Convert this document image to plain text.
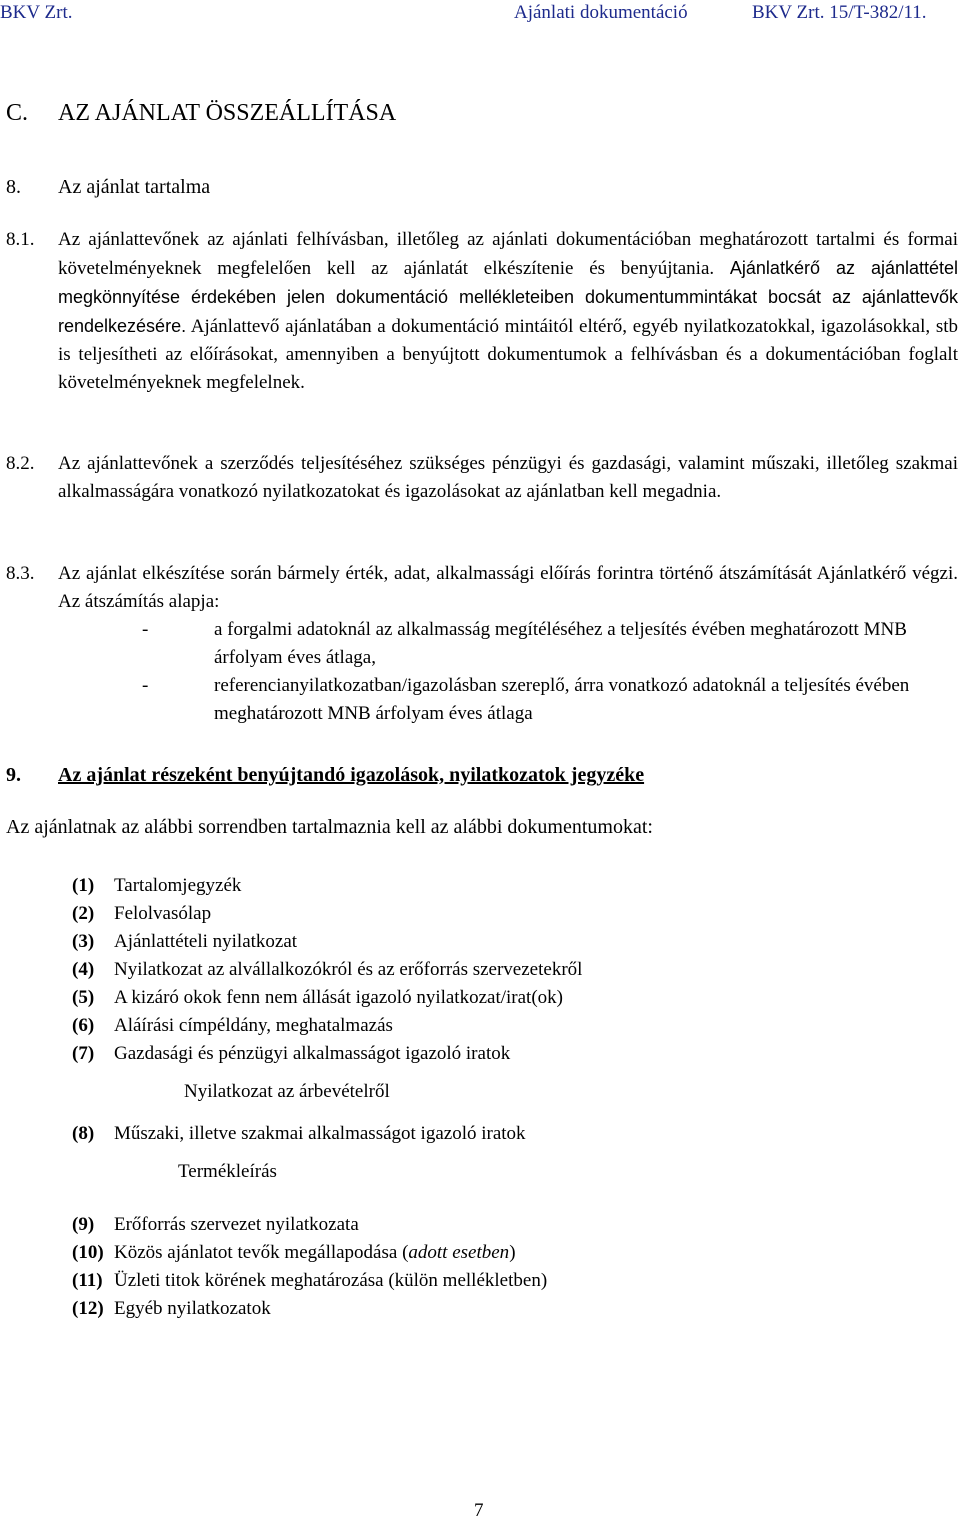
BKV Zrt.	Ajánlati dokumentáció	BKV Zrt. 15/T-382/11.
C. AZ AJÁNLAT ÖSSZEÁLLÍTÁSA
8. Az ajánlat tartalma
8.1. Az ajánlattevőnek az ajánlati felhívásban, illetőleg az ajánlati dokumentációban meghatározott tartalmi és formai követelményeknek megfelelően kell az ajánlatát elkészítenie és benyújtania. Ajánlatkérő az ajánlattétel megkönnyítése érdekében jelen dokumentáció mellékleteiben dokumentummintákat bocsát az ajánlattevők rendelkezésére. Ajánlattevő ajánlatában a dokumentáció mintáitól eltérő, egyéb nyilatkozatokkal, igazolásokkal, stb is teljesítheti az előírásokat, amennyiben a benyújtott dokumentumok a felhívásban és a dokumentációban foglalt követelményeknek megfelelnek.
8.2. Az ajánlattevőnek a szerződés teljesítéséhez szükséges pénzügyi és gazdasági, valamint műszaki, illetőleg szakmai alkalmasságára vonatkozó nyilatkozatokat és igazolásokat az ajánlatban kell megadnia.
8.3. Az ajánlat elkészítése során bármely érték, adat, alkalmassági előírás forintra történő átszámítását Ajánlatkérő végzi. Az átszámítás alapja:
-	a forgalmi adatoknál az alkalmasság megítéléséhez a teljesítés évében meghatározott MNB árfolyam éves átlaga,
-	referencianyilatkozatban/igazolásban szereplő, árra vonatkozó adatoknál a teljesítés évében meghatározott MNB árfolyam éves átlaga
9. Az ajánlat részeként benyújtandó igazolások, nyilatkozatok jegyzéke
Az ajánlatnak az alábbi sorrendben tartalmaznia kell az alábbi dokumentumokat:
(1) Tartalomjegyzék
(2) Felolvasólap
(3) Ajánlattételi nyilatkozat
(4) Nyilatkozat az alvállalkozókról és az erőforrás szervezetekről
(5) A kizáró okok fenn nem állását igazoló nyilatkozat/irat(ok)
(6) Aláírási címpéldány, meghatalmazás
(7) Gazdasági és pénzügyi alkalmasságot igazoló iratok
Nyilatkozat az árbevételről
(8) Műszaki, illetve szakmai alkalmasságot igazoló iratok
Termékleírás
(9) Erőforrás szervezet nyilatkozata
(10) Közös ajánlatot tevők megállapodása (adott esetben)
(11) Üzleti titok körének meghatározása (külön mellékletben)
(12) Egyéb nyilatkozatok
7
